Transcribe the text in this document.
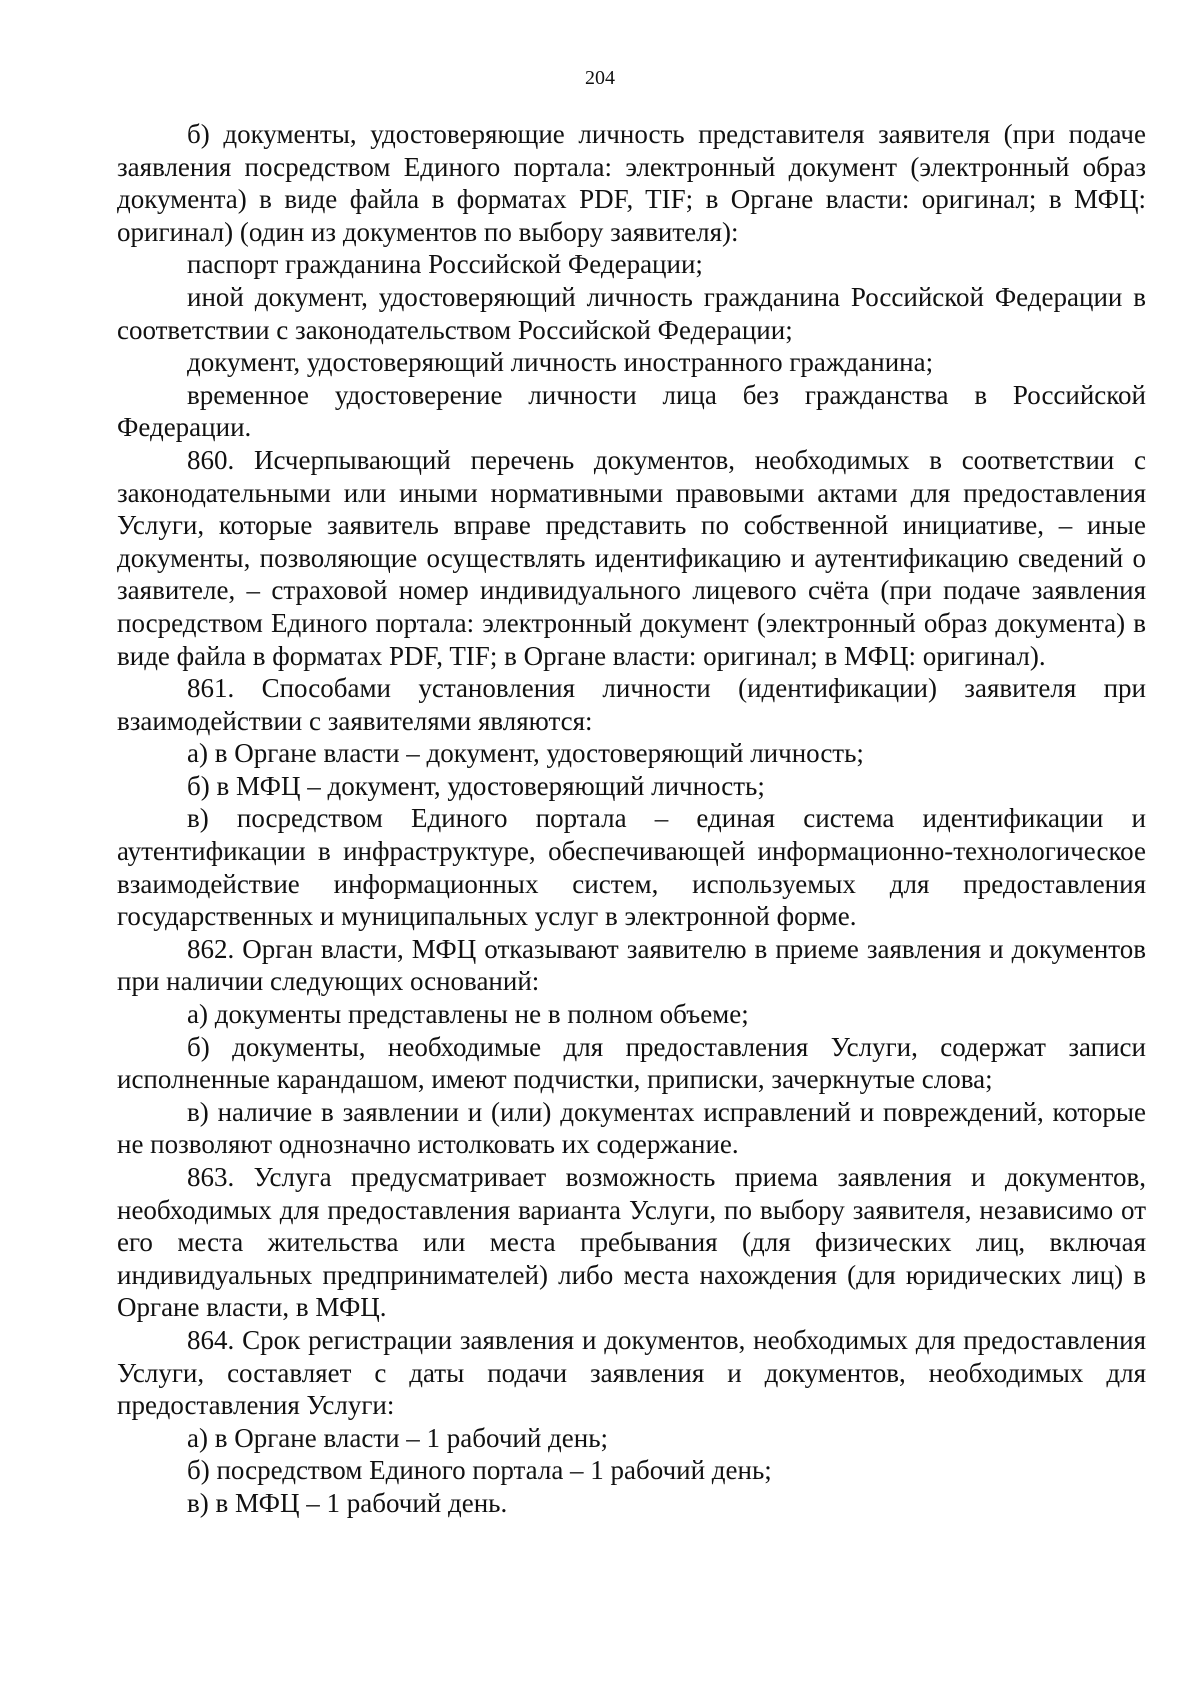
204

б) документы, удостоверяющие личность представителя заявителя (при подаче заявления посредством Единого портала: электронный документ (электронный образ документа) в виде файла в форматах PDF, TIF; в Органе власти: оригинал; в МФЦ: оригинал) (один из документов по выбору заявителя):

паспорт гражданина Российской Федерации;

иной документ, удостоверяющий личность гражданина Российской Федерации в соответствии с законодательством Российской Федерации;

документ, удостоверяющий личность иностранного гражданина;

временное удостоверение личности лица без гражданства в Российской Федерации.

860. Исчерпывающий перечень документов, необходимых в соответствии с законодательными или иными нормативными правовыми актами для предоставления Услуги, которые заявитель вправе представить по собственной инициативе, – иные документы, позволяющие осуществлять идентификацию и аутентификацию сведений о заявителе, – страховой номер индивидуального лицевого счёта (при подаче заявления посредством Единого портала: электронный документ (электронный образ документа) в виде файла в форматах PDF, TIF; в Органе власти: оригинал; в МФЦ: оригинал).

861. Способами установления личности (идентификации) заявителя при взаимодействии с заявителями являются:

а) в Органе власти – документ, удостоверяющий личность;

б) в МФЦ – документ, удостоверяющий личность;

в) посредством Единого портала – единая система идентификации и аутентификации в инфраструктуре, обеспечивающей информационно-технологическое взаимодействие информационных систем, используемых для предоставления государственных и муниципальных услуг в электронной форме.

862. Орган власти, МФЦ отказывают заявителю в приеме заявления и документов при наличии следующих оснований:

а) документы представлены не в полном объеме;

б) документы, необходимые для предоставления Услуги, содержат записи исполненные карандашом, имеют подчистки, приписки, зачеркнутые слова;

в) наличие в заявлении и (или) документах исправлений и повреждений, которые не позволяют однозначно истолковать их содержание.

863. Услуга предусматривает возможность приема заявления и документов, необходимых для предоставления варианта Услуги, по выбору заявителя, независимо от его места жительства или места пребывания (для физических лиц, включая индивидуальных предпринимателей) либо места нахождения (для юридических лиц) в Органе власти, в МФЦ.

864. Срок регистрации заявления и документов, необходимых для предоставления Услуги, составляет с даты подачи заявления и документов, необходимых для предоставления Услуги:

а) в Органе власти – 1 рабочий день;

б) посредством Единого портала – 1 рабочий день;

в) в МФЦ – 1 рабочий день.
